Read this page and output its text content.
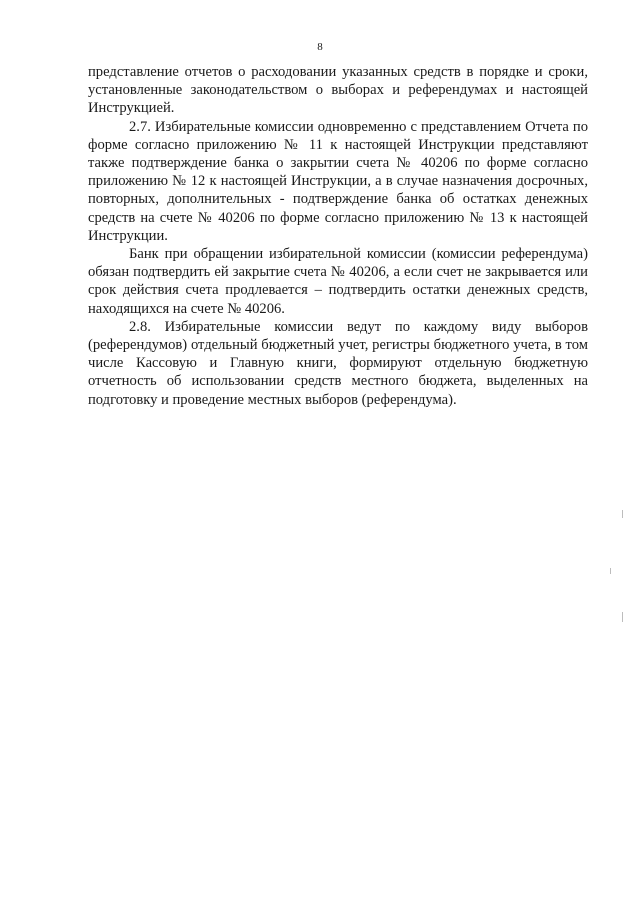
8

представление отчетов о расходовании указанных средств в порядке и сроки, установленные законодательством о выборах и референдумах и настоящей Инструкцией.

2.7. Избирательные комиссии одновременно с представлением Отчета по форме согласно приложению № 11 к настоящей Инструкции представляют также подтверждение банка о закрытии счета № 40206 по форме согласно приложению № 12 к настоящей Инструкции, а в случае назначения досрочных, повторных, дополнительных - подтверждение банка об остатках денежных средств на счете № 40206 по форме согласно приложению № 13 к настоящей Инструкции.

Банк при обращении избирательной комиссии (комиссии референдума) обязан подтвердить ей закрытие счета № 40206, а если счет не закрывается или срок действия счета продлевается – подтвердить остатки денежных средств, находящихся на счете № 40206.

2.8. Избирательные комиссии ведут по каждому виду выборов (референдумов) отдельный бюджетный учет, регистры бюджетного учета, в том числе Кассовую и Главную книги, формируют отдельную бюджетную отчетность об использовании средств местного бюджета, выделенных на подготовку и проведение местных выборов (референдума).
